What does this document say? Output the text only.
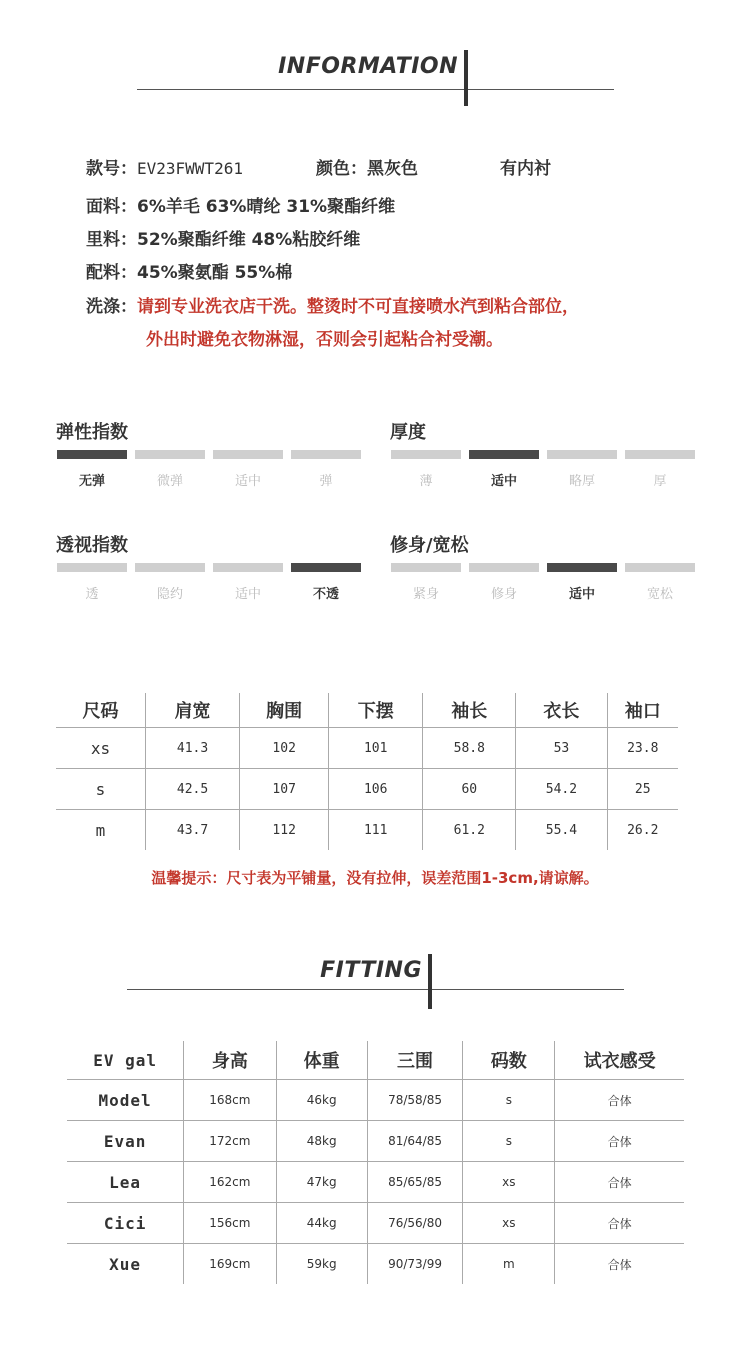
INFORMATION
款号：EV23FWWT261	颜色：黑灰色	有内衬
面料：6%羊毛 63%晴纶 31%聚酯纤维
里料：52%聚酯纤维 48%粘胶纤维
配料：45%聚氨酯 55%棉
洗涤：请到专业洗衣店干洗。整烫时不可直接喷水汽到粘合部位，
外出时避免衣物淋湿，否则会引起粘合衬受潮。
弹性指数
无弹	微弹	适中	弹
厚度
薄	适中	略厚	厚
透视指数
透	隐约	适中	不透
修身/宽松
紧身	修身	适中	宽松
尺码	肩宽	胸围	下摆	袖长	衣长	袖口
xs	41.3	102	101	58.8	53	23.8
s	42.5	107	106	60	54.2	25
m	43.7	112	111	61.2	55.4	26.2
温馨提示：尺寸表为平铺量，没有拉伸，误差范围1-3cm,请谅解。
FITTING
EV gal	身高	体重	三围	码数	试衣感受
Model	168cm	46kg	78/58/85	s	合体
Evan	172cm	48kg	81/64/85	s	合体
Lea	162cm	47kg	85/65/85	xs	合体
Cici	156cm	44kg	76/56/80	xs	合体
Xue	169cm	59kg	90/73/99	m	合体
